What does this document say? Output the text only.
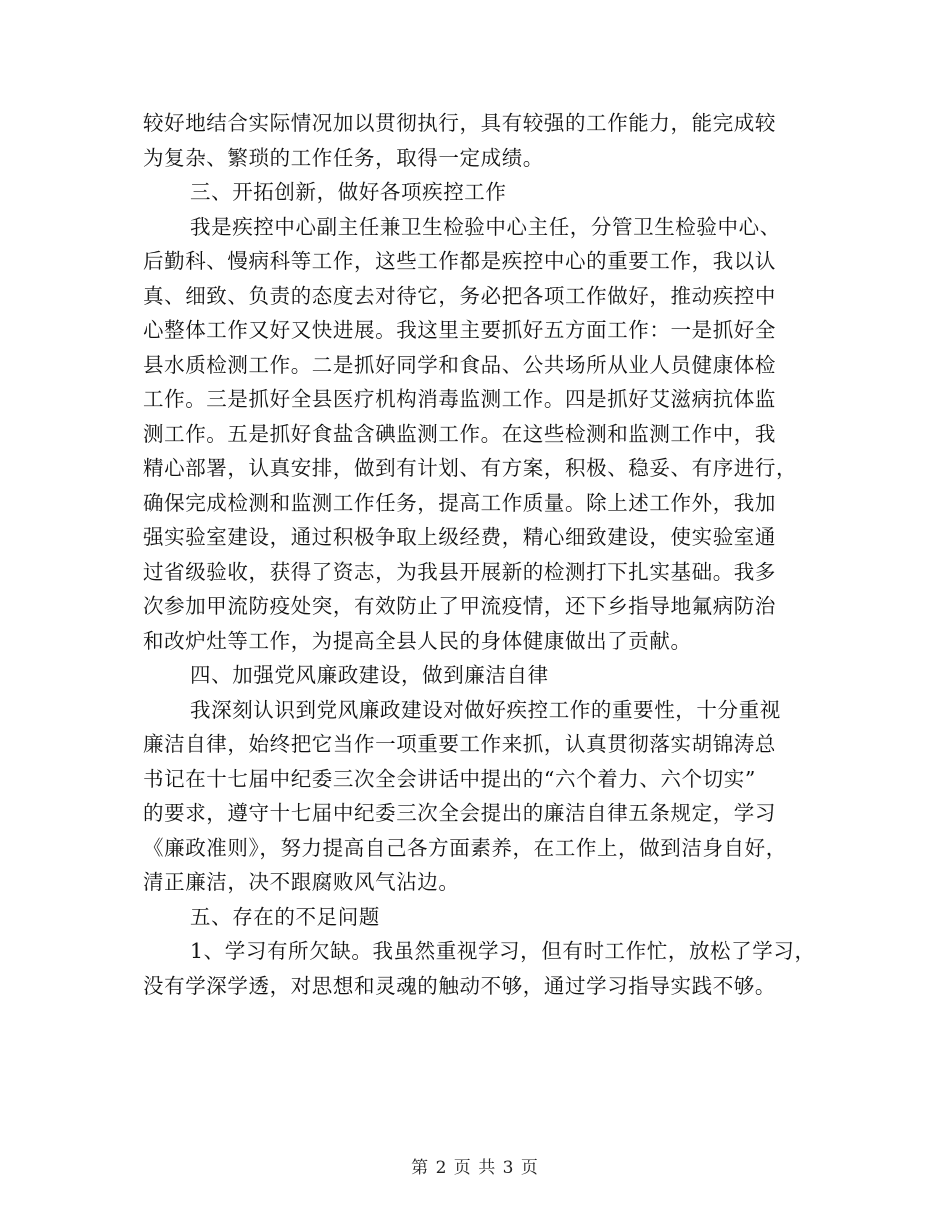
较好地结合实际情况加以贯彻执行，具有较强的工作能力，能完成较
为复杂、繁琐的工作任务，取得一定成绩。
三、开拓创新，做好各项疾控工作
我是疾控中心副主任兼卫生检验中心主任，分管卫生检验中心、
后勤科、慢病科等工作，这些工作都是疾控中心的重要工作，我以认
真、细致、负责的态度去对待它，务必把各项工作做好，推动疾控中
心整体工作又好又快进展。我这里主要抓好五方面工作：一是抓好全
县水质检测工作。二是抓好同学和食品、公共场所从业人员健康体检
工作。三是抓好全县医疗机构消毒监测工作。四是抓好艾滋病抗体监
测工作。五是抓好食盐含碘监测工作。在这些检测和监测工作中，我
精心部署，认真安排，做到有计划、有方案，积极、稳妥、有序进行，
确保完成检测和监测工作任务，提高工作质量。除上述工作外，我加
强实验室建设，通过积极争取上级经费，精心细致建设，使实验室通
过省级验收，获得了资志，为我县开展新的检测打下扎实基础。我多
次参加甲流防疫处突，有效防止了甲流疫情，还下乡指导地氟病防治
和改炉灶等工作，为提高全县人民的身体健康做出了贡献。
四、加强党风廉政建设，做到廉洁自律
我深刻认识到党风廉政建设对做好疾控工作的重要性，十分重视
廉洁自律，始终把它当作一项重要工作来抓，认真贯彻落实胡锦涛总
书记在十七届中纪委三次全会讲话中提出的“六个着力、六个切实”
的要求，遵守十七届中纪委三次全会提出的廉洁自律五条规定，学习
《廉政准则》，努力提高自己各方面素养，在工作上，做到洁身自好，
清正廉洁，决不跟腐败风气沾边。
五、存在的不足问题
1、学习有所欠缺。我虽然重视学习，但有时工作忙，放松了学习，
没有学深学透，对思想和灵魂的触动不够，通过学习指导实践不够。
第 2 页 共 3 页
